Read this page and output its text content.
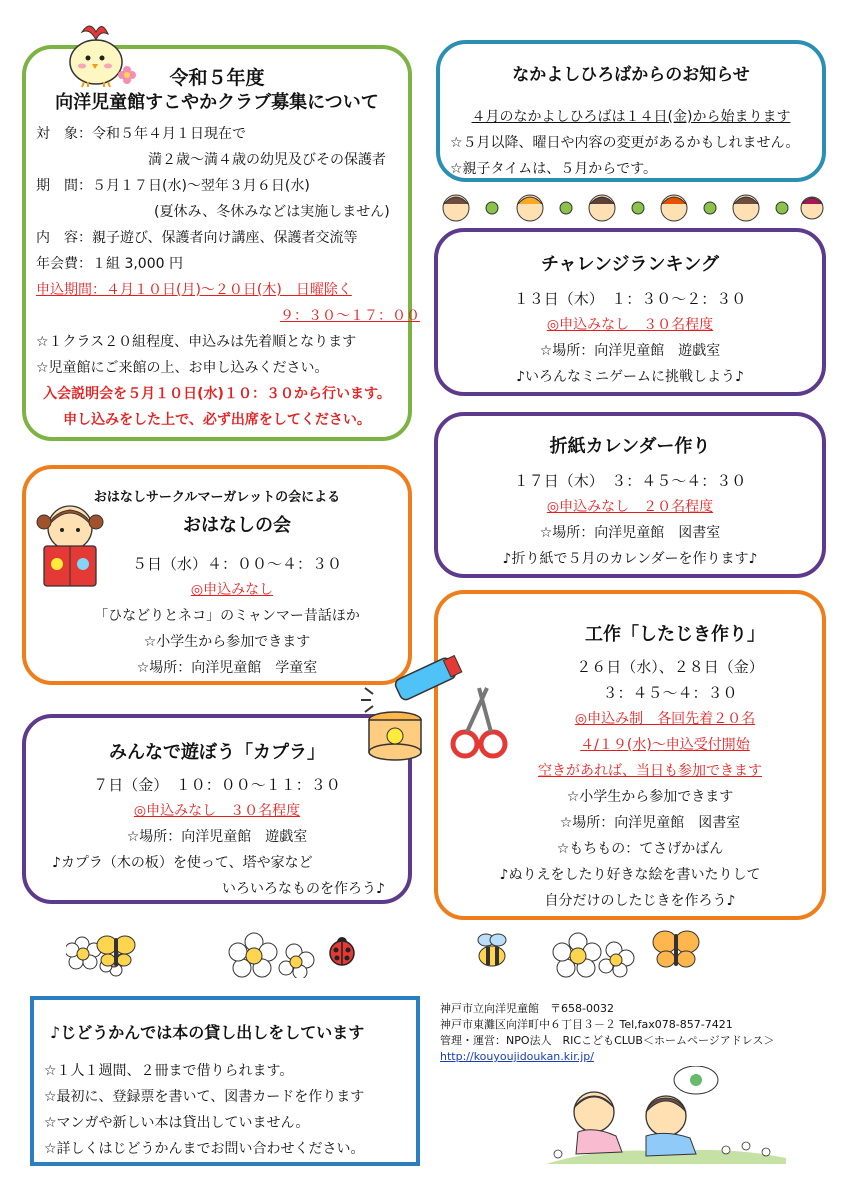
令和５年度
向洋児童館すこやかクラブ募集について
対　象：令和５年４月１日現在で
満２歳～満４歳の幼児及びその保護者
期　間：５月１７日(水)～翌年３月６日(水)
(夏休み、冬休みなどは実施しません)
内　容：親子遊び、保護者向け講座、保護者交流等
年会費：１組 3,000 円
申込期間：４月１０日(月)～２０日(木)　日曜除く
９：３０～１７：００
☆１クラス２０組程度、申込みは先着順となります
☆児童館にご来館の上、お申し込みください。
入会説明会を５月１０日(水)１０：３０から行います。
申し込みをした上で、必ず出席をしてください。
なかよしひろばからのお知らせ
４月のなかよしひろばは１４日(金)から始まります
☆５月以降、曜日や内容の変更があるかもしれません。
☆親子タイムは、５月からです。
チャレンジランキング
１３日（木）　１：３０～２：３０
◎申込みなし　３０名程度
☆場所：向洋児童館　遊戯室
♪いろんなミニゲームに挑戦しよう♪
折紙カレンダー作り
１７日（木）　３：４５～４：３０
◎申込みなし　２０名程度
☆場所：向洋児童館　図書室
♪折り紙で５月のカレンダーを作ります♪
おはなしサークルマーガレットの会による
おはなしの会
５日（水）４：００～４：３０
◎申込みなし
「ひなどりとネコ」のミャンマー昔話ほか
☆小学生から参加できます
☆場所：向洋児童館　学童室
みんなで遊ぼう「カプラ」
７日（金）　１０：００～１１：３０
◎申込みなし　３０名程度
☆場所：向洋児童館　遊戯室
♪カプラ（木の板）を使って、塔や家など
いろいろなものを作ろう♪
工作「したじき作り」
２６日（水）、２８日（金）
３：４５～４：３０
◎申込み制　各回先着２０名
４/１９(水)～申込受付開始
空きがあれば、当日も参加できます
☆小学生から参加できます
☆場所：向洋児童館　図書室
☆もちもの：てさげかばん
♪ぬりえをしたり好きな絵を書いたりして
自分だけのしたじきを作ろう♪
♪じどうかんでは本の貸し出しをしています
☆１人１週間、２冊まで借りられます。
☆最初に、登録票を書いて、図書カードを作ります
☆マンガや新しい本は貸出していません。
☆詳しくはじどうかんまでお問い合わせください。
神戸市立向洋児童館　〒658-0032
神戸市東灘区向洋町中６丁目３－２ Tel,fax078-857-7421
管理・運営：NPO法人　RICこどもCLUB＜ホームページアドレス＞
http://kouyoujidoukan.kir.jp/
